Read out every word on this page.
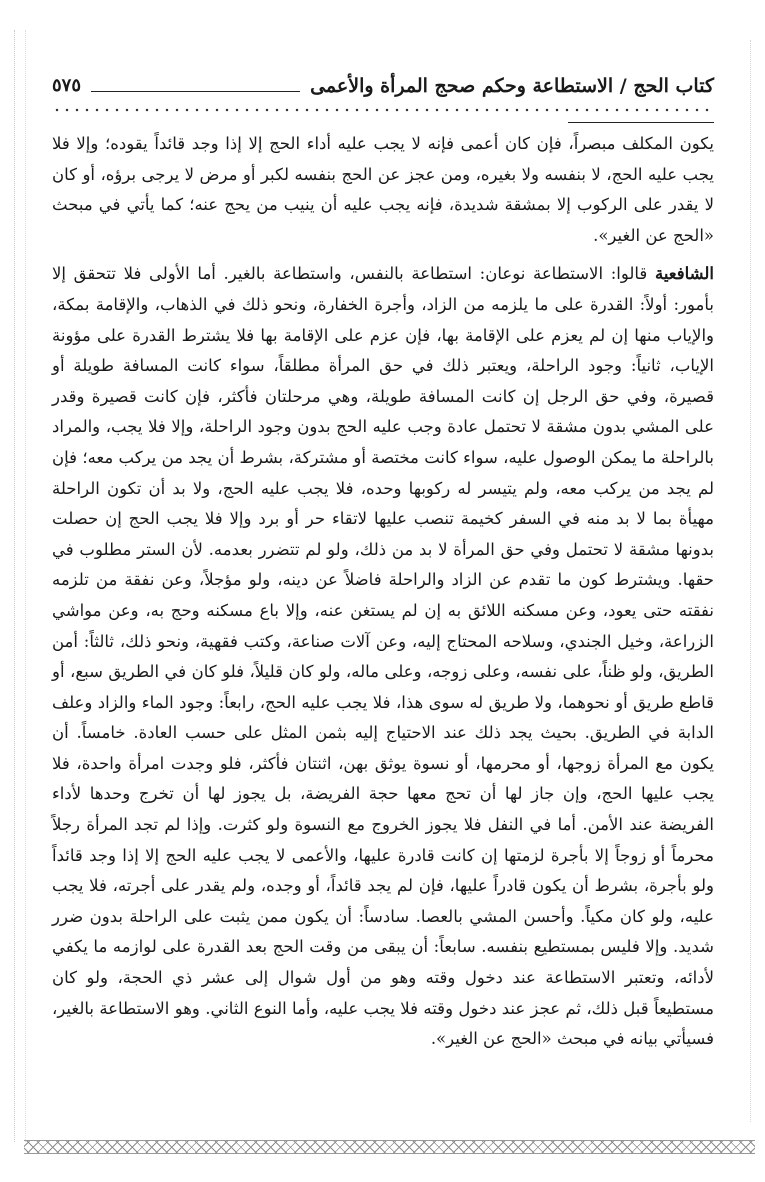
كتاب الحج / الاستطاعة وحكم صحج المرأة والأعمى
٥٧٥

يكون المكلف مبصراً، فإن كان أعمى فإنه لا يجب عليه أداء الحج إلا إذا وجد قائداً يقوده؛ وإلا فلا يجب عليه الحج، لا بنفسه ولا بغيره، ومن عجز عن الحج بنفسه لكبر أو مرض لا يرجى برؤه، أو كان لا يقدر على الركوب إلا بمشقة شديدة، فإنه يجب عليه أن ينيب من يحج عنه؛ كما يأتي في مبحث «الحج عن الغير».

الشافعية قالوا: الاستطاعة نوعان: استطاعة بالنفس، واستطاعة بالغير. أما الأولى فلا تتحقق إلا بأمور: أولاً: القدرة على ما يلزمه من الزاد، وأجرة الخفارة، ونحو ذلك في الذهاب، والإقامة بمكة، والإياب منها إن لم يعزم على الإقامة بها، فإن عزم على الإقامة بها فلا يشترط القدرة على مؤونة الإياب، ثانياً: وجود الراحلة، ويعتبر ذلك في حق المرأة مطلقاً، سواء كانت المسافة طويلة أو قصيرة، وفي حق الرجل إن كانت المسافة طويلة، وهي مرحلتان فأكثر، فإن كانت قصيرة وقدر على المشي بدون مشقة لا تحتمل عادة وجب عليه الحج بدون وجود الراحلة، وإلا فلا يجب، والمراد بالراحلة ما يمكن الوصول عليه، سواء كانت مختصة أو مشتركة، بشرط أن يجد من يركب معه؛ فإن لم يجد من يركب معه، ولم يتيسر له ركوبها وحده، فلا يجب عليه الحج، ولا بد أن تكون الراحلة مهيأة بما لا بد منه في السفر كخيمة تنصب عليها لاتقاء حر أو برد وإلا فلا يجب الحج إن حصلت بدونها مشقة لا تحتمل وفي حق المرأة لا بد من ذلك، ولو لم تتضرر بعدمه. لأن الستر مطلوب في حقها. ويشترط كون ما تقدم عن الزاد والراحلة فاضلاً عن دينه، ولو مؤجلاً، وعن نفقة من تلزمه نفقته حتى يعود، وعن مسكنه اللائق به إن لم يستغن عنه، وإلا باع مسكنه وحج به، وعن مواشي الزراعة، وخيل الجندي، وسلاحه المحتاج إليه، وعن آلات صناعة، وكتب فقهية، ونحو ذلك، ثالثاً: أمن الطريق، ولو ظناً، على نفسه، وعلى زوجه، وعلى ماله، ولو كان قليلاً، فلو كان في الطريق سبع، أو قاطع طريق أو نحوهما، ولا طريق له سوى هذا، فلا يجب عليه الحج، رابعاً: وجود الماء والزاد وعلف الدابة في الطريق. بحيث يجد ذلك عند الاحتياج إليه بثمن المثل على حسب العادة. خامساً. أن يكون مع المرأة زوجها، أو محرمها، أو نسوة يوثق بهن، اثنتان فأكثر، فلو وجدت امرأة واحدة، فلا يجب عليها الحج، وإن جاز لها أن تحج معها حجة الفريضة، بل يجوز لها أن تخرج وحدها لأداء الفريضة عند الأمن. أما في النفل فلا يجوز الخروج مع النسوة ولو كثرت. وإذا لم تجد المرأة رجلاً محرماً أو زوجاً إلا بأجرة لزمتها إن كانت قادرة عليها، والأعمى لا يجب عليه الحج إلا إذا وجد قائداً ولو بأجرة، بشرط أن يكون قادراً عليها، فإن لم يجد قائداً، أو وجده، ولم يقدر على أجرته، فلا يجب عليه، ولو كان مكياً. وأحسن المشي بالعصا. سادساً: أن يكون ممن يثبت على الراحلة بدون ضرر شديد. وإلا فليس بمستطيع بنفسه. سابعاً: أن يبقى من وقت الحج بعد القدرة على لوازمه ما يكفي لأدائه، وتعتبر الاستطاعة عند دخول وقته وهو من أول شوال إلى عشر ذي الحجة، ولو كان مستطيعاً قبل ذلك، ثم عجز عند دخول وقته فلا يجب عليه، وأما النوع الثاني. وهو الاستطاعة بالغير، فسيأتي بيانه في مبحث «الحج عن الغير».
